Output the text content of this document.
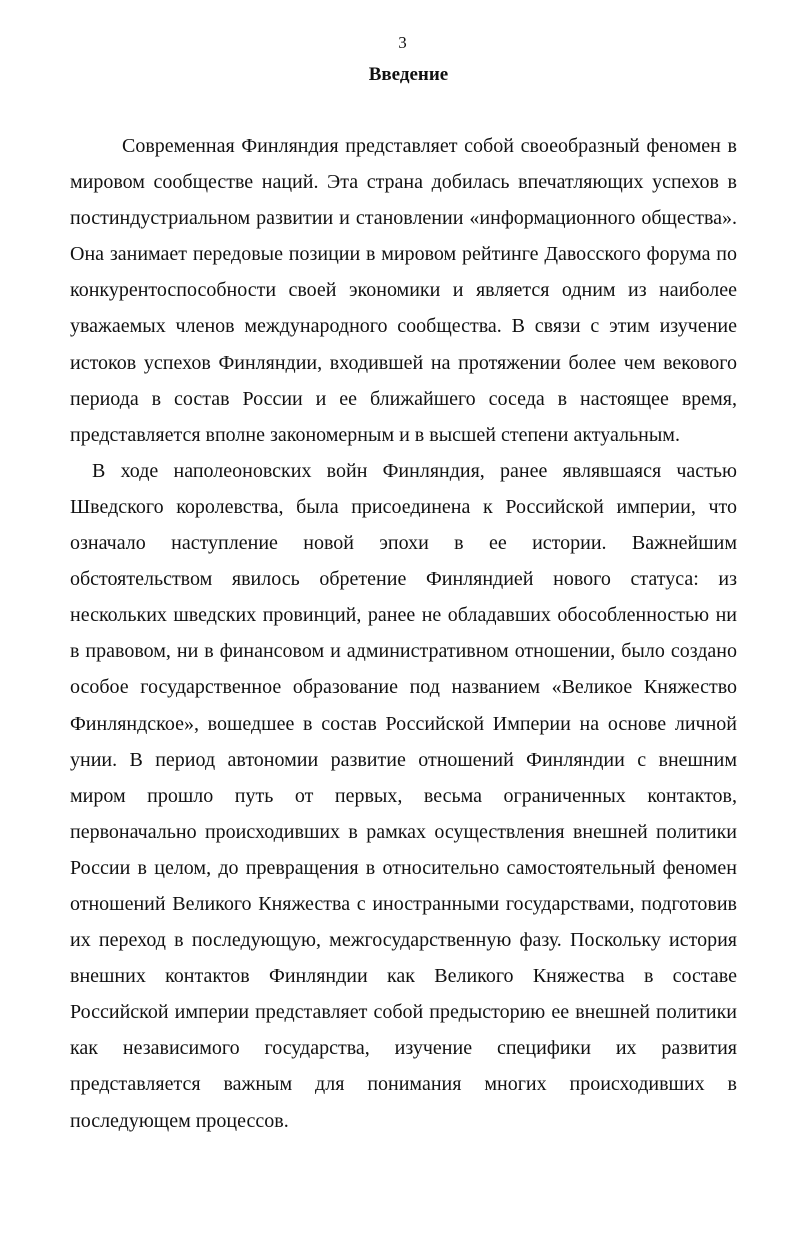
3
Введение

Современная Финляндия представляет собой своеобразный феномен в мировом сообществе наций. Эта страна добилась впечатляющих успехов в постиндустриальном развитии и становлении «информационного общества». Она занимает передовые позиции в мировом рейтинге Давосского форума по конкурентоспособности своей экономики и является одним из наиболее уважаемых членов международного сообщества. В связи с этим изучение истоков успехов Финляндии, входившей на протяжении более чем векового периода в состав России и ее ближайшего соседа в настоящее время, представляется вполне закономерным и в высшей степени актуальным.

В ходе наполеоновских войн Финляндия, ранее являвшаяся частью Шведского королевства, была присоединена к Российской империи, что означало наступление новой эпохи в ее истории. Важнейшим обстоятельством явилось обретение Финляндией нового статуса: из нескольких шведских провинций, ранее не обладавших обособленностью ни в правовом, ни в финансовом и административном отношении, было создано особое государственное образование под названием «Великое Княжество Финляндское», вошедшее в состав Российской Империи на основе личной унии. В период автономии развитие отношений Финляндии с внешним миром прошло путь от первых, весьма ограниченных контактов, первоначально происходивших в рамках осуществления внешней политики России в целом, до превращения в относительно самостоятельный феномен отношений Великого Княжества с иностранными государствами, подготовив их переход в последующую, межгосударственную фазу. Поскольку история внешних контактов Финляндии как Великого Княжества в составе Российской империи представляет собой предысторию ее внешней политики как независимого государства, изучение специфики их развития представляется важным для понимания многих происходивших в последующем процессов.
